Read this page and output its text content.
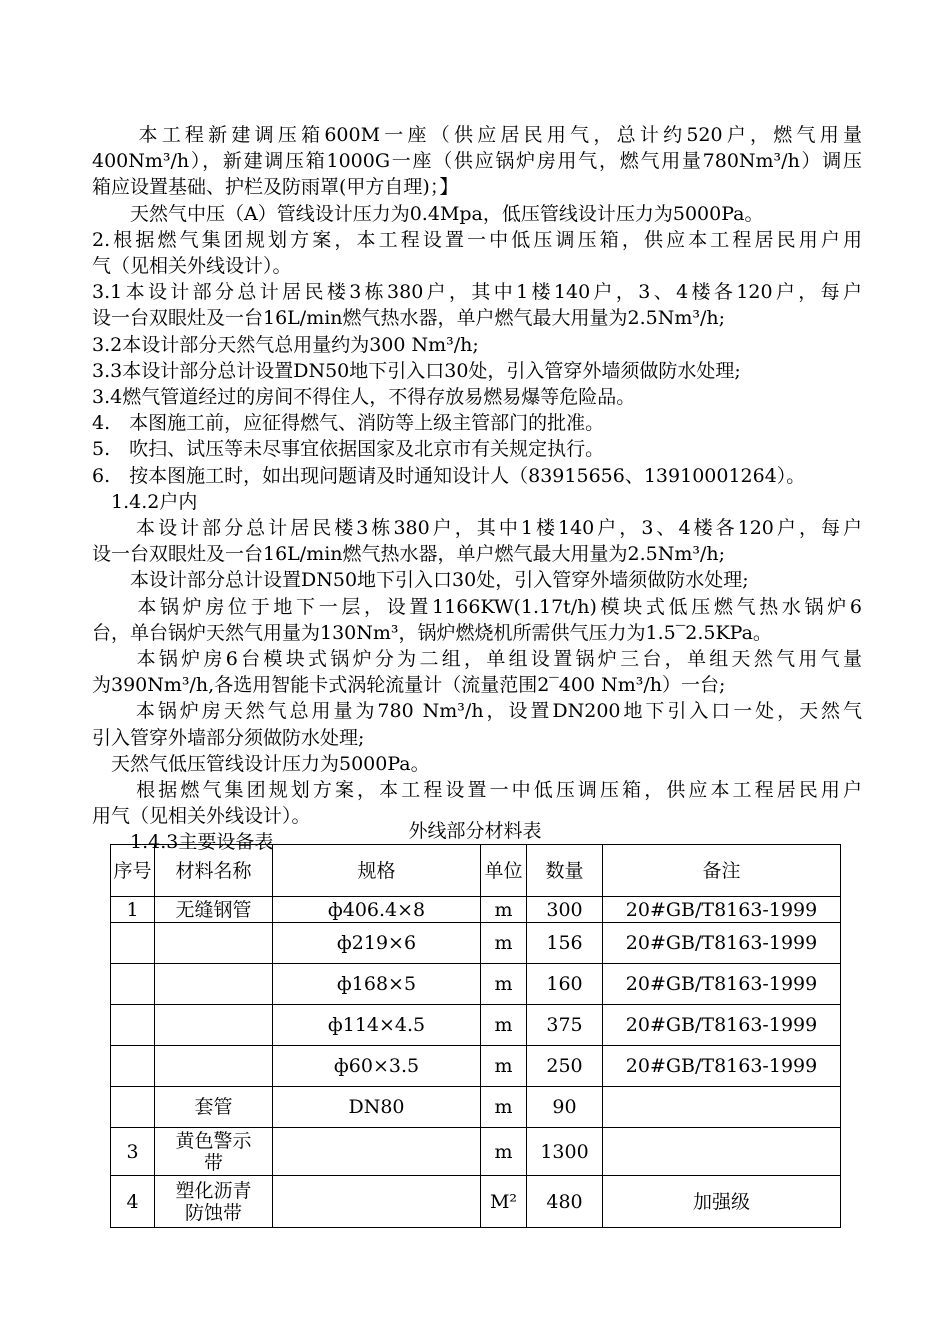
　　本工程新建调压箱600M一座（供应居民用气，总计约520户，燃气用量
400Nm³/h），新建调压箱1000G一座（供应锅炉房用气，燃气用量780Nm³/h）调压
箱应设置基础、护栏及防雨罩(甲方自理)；】
　　天然气中压（A）管线设计压力为0.4Mpa，低压管线设计压力为5000Pa。
2.根据燃气集团规划方案，本工程设置一中低压调压箱，供应本工程居民用户用
气（见相关外线设计）。
3.1本设计部分总计居民楼3栋380户，其中1楼140户，3、4楼各120户，每户
设一台双眼灶及一台16L/min燃气热水器，单户燃气最大用量为2.5Nm³/h;
3.2本设计部分天然气总用量约为300 Nm³/h;
3.3本设计部分总计设置DN50地下引入口30处，引入管穿外墙须做防水处理;
3.4燃气管道经过的房间不得住人，不得存放易燃易爆等危险品。
4.　本图施工前，应征得燃气、消防等上级主管部门的批准。
5.　吹扫、试压等未尽事宜依据国家及北京市有关规定执行。
6.　按本图施工时，如出现问题请及时通知设计人（83915656、13910001264）。
　1.4.2户内
　　本设计部分总计居民楼3栋380户，其中1楼140户，3、4楼各120户，每户
设一台双眼灶及一台16L/min燃气热水器，单户燃气最大用量为2.5Nm³/h;
　　本设计部分总计设置DN50地下引入口30处，引入管穿外墙须做防水处理;
　　本锅炉房位于地下一层，设置1166KW(1.17t/h)模块式低压燃气热水锅炉6
台，单台锅炉天然气用量为130Nm³，锅炉燃烧机所需供气压力为1.5‾2.5KPa。
　　本锅炉房6台模块式锅炉分为二组，单组设置锅炉三台，单组天然气用气量
为390Nm³/h,各选用智能卡式涡轮流量计（流量范围2‾400 Nm³/h）一台;
　　本锅炉房天然气总用量为780 Nm³/h，设置DN200地下引入口一处，天然气
引入管穿外墙部分须做防水处理;
　天然气低压管线设计压力为5000Pa。
　　根据燃气集团规划方案，本工程设置一中低压调压箱，供应本工程居民用户
用气（见相关外线设计）。
　　1.4.3主要设备表	外线部分材料表
序号	材料名称	规格	单位	数量	备注
1	无缝钢管	ф406.4×8	m	300	20#GB/T8163-1999
		ф219×6	m	156	20#GB/T8163-1999
		ф168×5	m	160	20#GB/T8163-1999
		ф114×4.5	m	375	20#GB/T8163-1999
		ф60×3.5	m	250	20#GB/T8163-1999
	套管	DN80	m	90	
3	黄色警示带		m	1300	
4	塑化沥青防蚀带		M²	480	加强级
